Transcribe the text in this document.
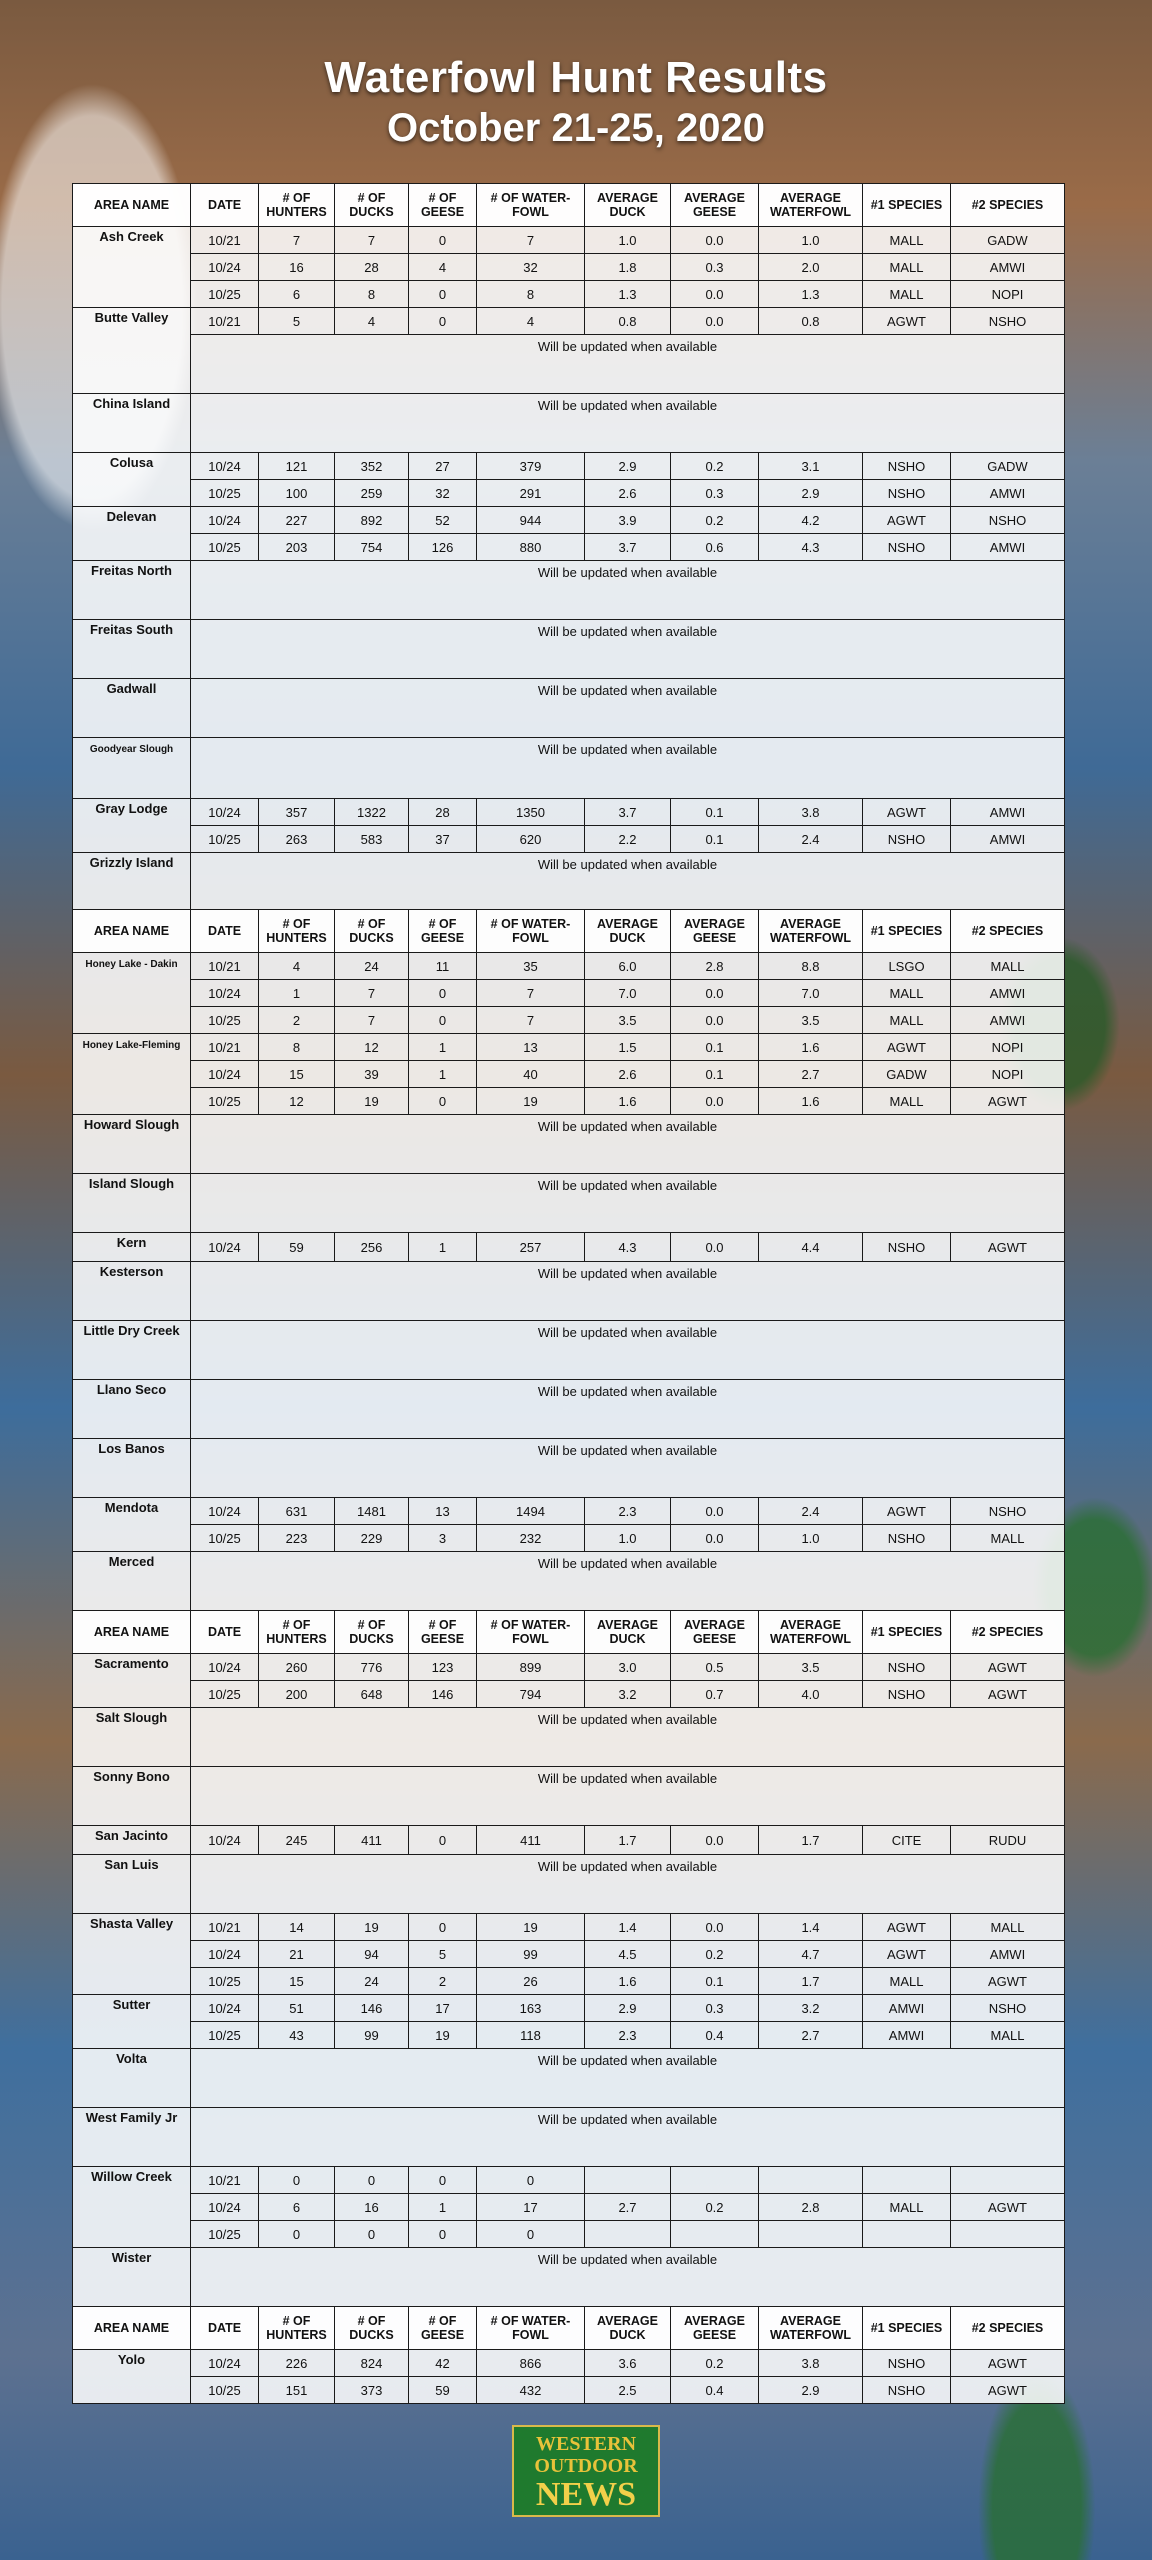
Waterfowl Hunt Results
October 21-25, 2020
AREA NAME	DATE	# OF HUNTERS	# OF DUCKS	# OF GEESE	# OF WATER-FOWL	AVERAGE DUCK	AVERAGE GEESE	AVERAGE WATERFOWL	#1 SPECIES	#2 SPECIES
Ash Creek	10/21	7	7	0	7	1.0	0.0	1.0	MALL	GADW
	10/24	16	28	4	32	1.8	0.3	2.0	MALL	AMWI
	10/25	6	8	0	8	1.3	0.0	1.3	MALL	NOPI
Butte Valley	10/21	5	4	0	4	0.8	0.0	0.8	AGWT	NSHO
	Will be updated when available									
China Island	Will be updated when available									
Colusa	10/24	121	352	27	379	2.9	0.2	3.1	NSHO	GADW
	10/25	100	259	32	291	2.6	0.3	2.9	NSHO	AMWI
Delevan	10/24	227	892	52	944	3.9	0.2	4.2	AGWT	NSHO
	10/25	203	754	126	880	3.7	0.6	4.3	NSHO	AMWI
Freitas North	Will be updated when available									
Freitas South	Will be updated when available									
Gadwall	Will be updated when available									
Goodyear Slough	Will be updated when available									
Gray Lodge	10/24	357	1322	28	1350	3.7	0.1	3.8	AGWT	AMWI
	10/25	263	583	37	620	2.2	0.1	2.4	NSHO	AMWI
Grizzly Island	Will be updated when available									
AREA NAME	DATE	# OF HUNTERS	# OF DUCKS	# OF GEESE	# OF WATER-FOWL	AVERAGE DUCK	AVERAGE GEESE	AVERAGE WATERFOWL	#1 SPECIES	#2 SPECIES
Honey Lake - Dakin	10/21	4	24	11	35	6.0	2.8	8.8	LSGO	MALL
	10/24	1	7	0	7	7.0	0.0	7.0	MALL	AMWI
	10/25	2	7	0	7	3.5	0.0	3.5	MALL	AMWI
Honey Lake-Fleming	10/21	8	12	1	13	1.5	0.1	1.6	AGWT	NOPI
	10/24	15	39	1	40	2.6	0.1	2.7	GADW	NOPI
	10/25	12	19	0	19	1.6	0.0	1.6	MALL	AGWT
Howard Slough	Will be updated when available									
Island Slough	Will be updated when available									
Kern	10/24	59	256	1	257	4.3	0.0	4.4	NSHO	AGWT
Kesterson	Will be updated when available									
Little Dry Creek	Will be updated when available									
Llano Seco	Will be updated when available									
Los Banos	Will be updated when available									
Mendota	10/24	631	1481	13	1494	2.3	0.0	2.4	AGWT	NSHO
	10/25	223	229	3	232	1.0	0.0	1.0	NSHO	MALL
Merced	Will be updated when available									
AREA NAME	DATE	# OF HUNTERS	# OF DUCKS	# OF GEESE	# OF WATER-FOWL	AVERAGE DUCK	AVERAGE GEESE	AVERAGE WATERFOWL	#1 SPECIES	#2 SPECIES
Sacramento	10/24	260	776	123	899	3.0	0.5	3.5	NSHO	AGWT
	10/25	200	648	146	794	3.2	0.7	4.0	NSHO	AGWT
Salt Slough	Will be updated when available									
Sonny Bono	Will be updated when available									
San Jacinto	10/24	245	411	0	411	1.7	0.0	1.7	CITE	RUDU
San Luis	Will be updated when available									
Shasta Valley	10/21	14	19	0	19	1.4	0.0	1.4	AGWT	MALL
	10/24	21	94	5	99	4.5	0.2	4.7	AGWT	AMWI
	10/25	15	24	2	26	1.6	0.1	1.7	MALL	AGWT
Sutter	10/24	51	146	17	163	2.9	0.3	3.2	AMWI	NSHO
	10/25	43	99	19	118	2.3	0.4	2.7	AMWI	MALL
Volta	Will be updated when available									
West Family Jr	Will be updated when available									
Willow Creek	10/21	0	0	0	0					
	10/24	6	16	1	17	2.7	0.2	2.8	MALL	AGWT
	10/25	0	0	0	0					
Wister	Will be updated when available									
AREA NAME	DATE	# OF HUNTERS	# OF DUCKS	# OF GEESE	# OF WATER-FOWL	AVERAGE DUCK	AVERAGE GEESE	AVERAGE WATERFOWL	#1 SPECIES	#2 SPECIES
Yolo	10/24	226	824	42	866	3.6	0.2	3.8	NSHO	AGWT
	10/25	151	373	59	432	2.5	0.4	2.9	NSHO	AGWT
WESTERN
OUTDOOR
NEWS
